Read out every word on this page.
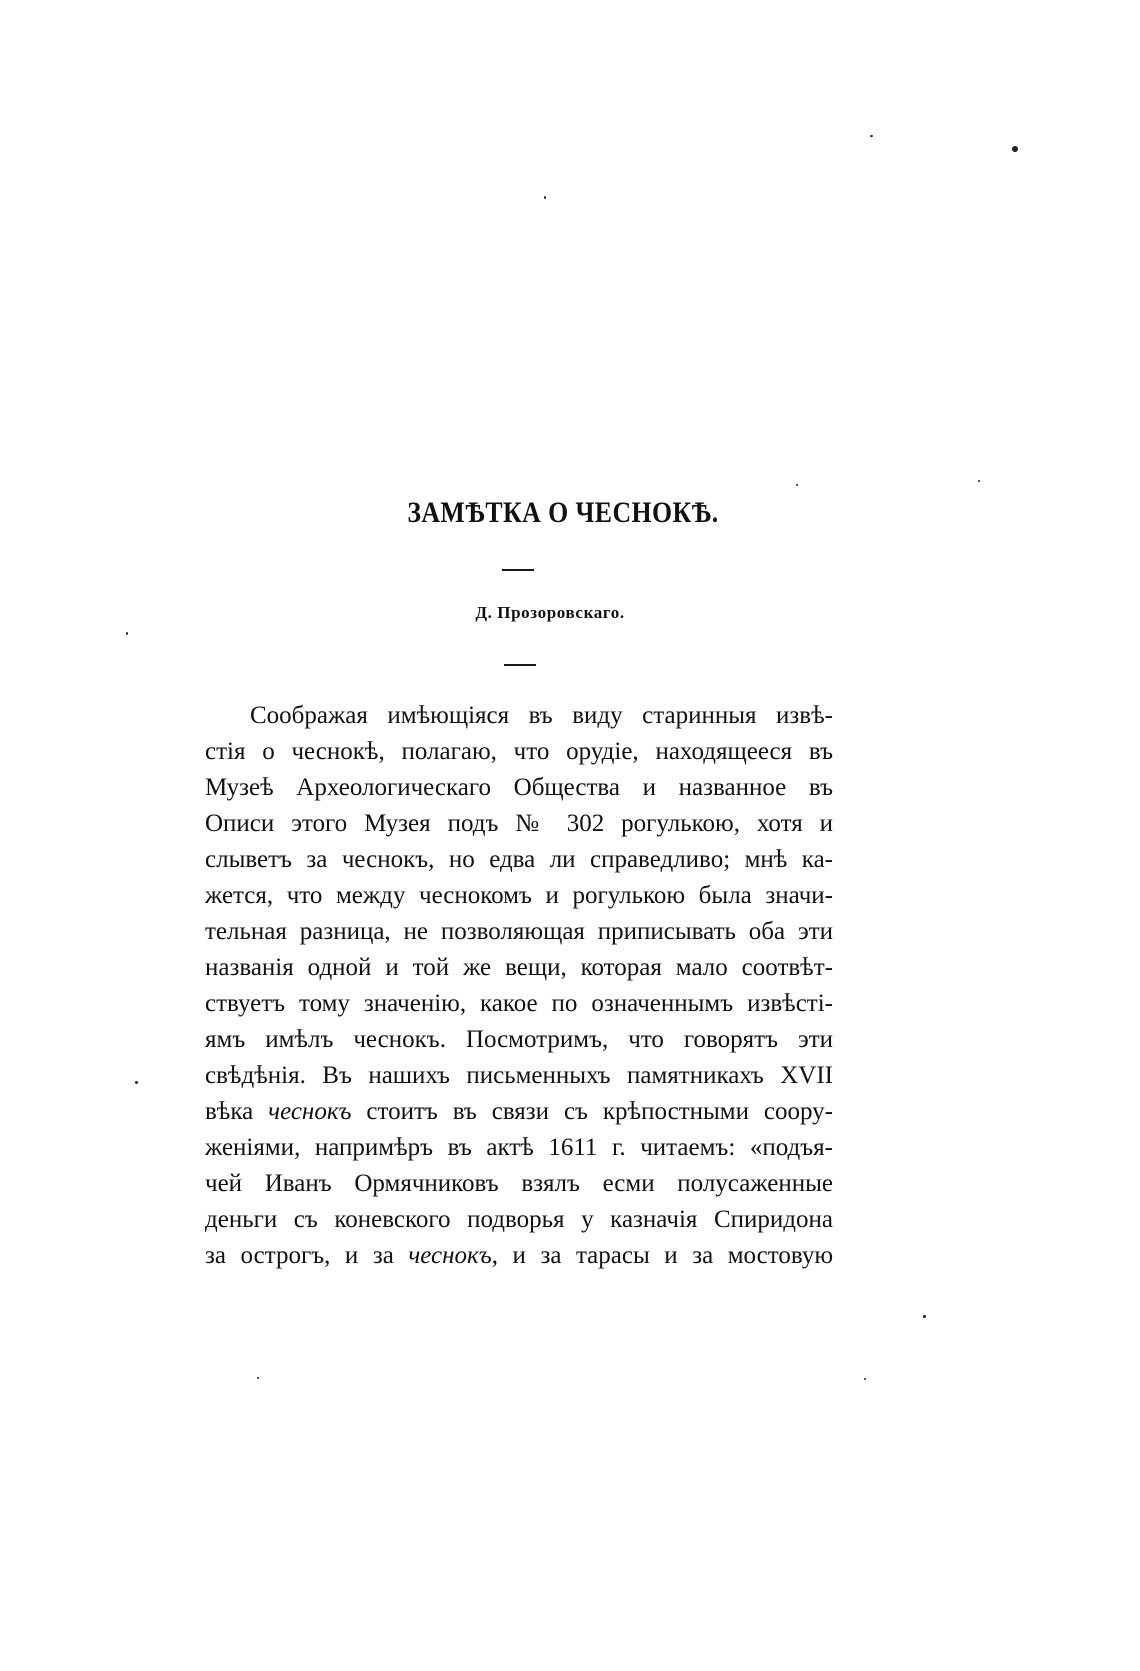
ЗАМѢТКА О ЧЕСНОКѢ.
Д. Прозоровскаго.
Соображая имѣющіяся въ виду старинныя извѣ-
стія о чеснокѣ, полагаю, что орудіе, находящееся въ
Музеѣ Археологическаго Общества и названное въ
Описи этого Музея подъ № 302 рогулькою, хотя и
слыветъ за чеснокъ, но едва ли справедливо; мнѣ ка-
жется, что между чеснокомъ и рогулькою была значи-
тельная разница, не позволяющая приписывать оба эти
названія одной и той же вещи, которая мало соотвѣт-
ствуетъ тому значенію, какое по означеннымъ извѣсті-
ямъ имѣлъ чеснокъ. Посмотримъ, что говорятъ эти
свѣдѣнія. Въ нашихъ письменныхъ памятникахъ XVII
вѣка чеснокъ стоитъ въ связи съ крѣпостными соору-
женіями, напримѣръ въ актѣ 1611 г. читаемъ: «подъя-
чей Иванъ Ормячниковъ взялъ есми полусаженные
деньги съ коневского подворья у казначія Спиридона
за острогъ, и за чеснокъ, и за тарасы и за мостовую
